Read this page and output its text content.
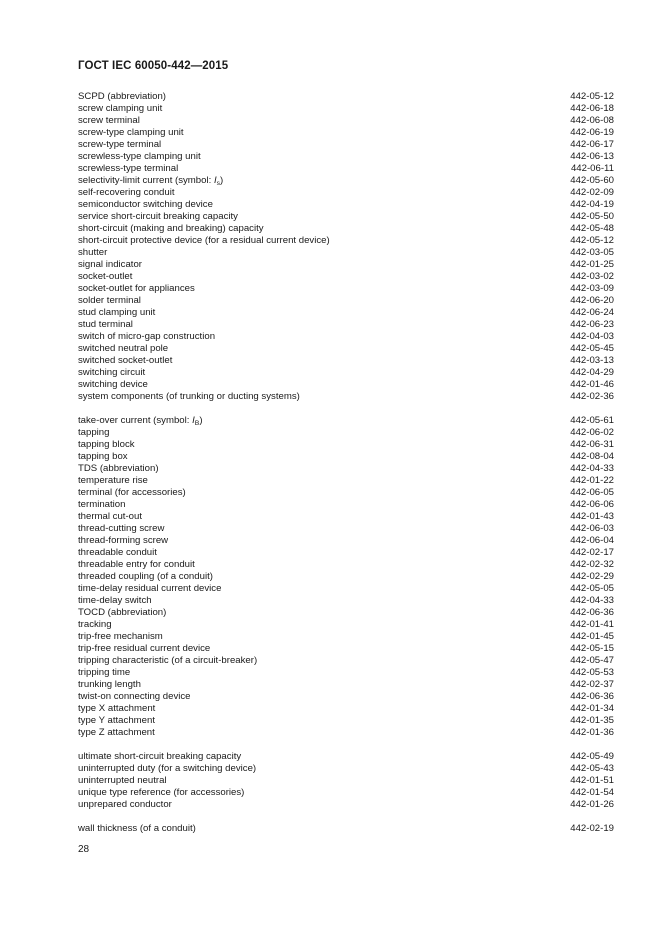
ГОСТ IEC 60050-442—2015
SCPD (abbreviation)	442-05-12
screw clamping unit	442-06-18
screw terminal	442-06-08
screw-type clamping unit	442-06-19
screw-type terminal	442-06-17
screwless-type clamping unit	442-06-13
screwless-type terminal	442-06-11
selectivity-limit current (symbol: $I_s$)	442-05-60
self-recovering conduit	442-02-09
semiconductor switching device	442-04-19
service short-circuit breaking capacity	442-05-50
short-circuit (making and breaking) capacity	442-05-48
short-circuit protective device (for a residual current device)	442-05-12
shutter	442-03-05
signal indicator	442-01-25
socket-outlet	442-03-02
socket-outlet for appliances	442-03-09
solder terminal	442-06-20
stud clamping unit	442-06-24
stud terminal	442-06-23
switch of micro-gap construction	442-04-03
switched neutral pole	442-05-45
switched socket-outlet	442-03-13
switching circuit	442-04-29
switching device	442-01-46
system components (of trunking or ducting systems)	442-02-36
take-over current (symbol: $I_B$)	442-05-61
tapping	442-06-02
tapping block	442-06-31
tapping box	442-08-04
TDS (abbreviation)	442-04-33
temperature rise	442-01-22
terminal (for accessories)	442-06-05
termination	442-06-06
thermal cut-out	442-01-43
thread-cutting screw	442-06-03
thread-forming screw	442-06-04
threadable conduit	442-02-17
threadable entry for conduit	442-02-32
threaded coupling (of a conduit)	442-02-29
time-delay residual current device	442-05-05
time-delay switch	442-04-33
TOCD (abbreviation)	442-06-36
tracking	442-01-41
trip-free mechanism	442-01-45
trip-free residual current device	442-05-15
tripping characteristic (of a circuit-breaker)	442-05-47
tripping time	442-05-53
trunking length	442-02-37
twist-on connecting device	442-06-36
type X attachment	442-01-34
type Y attachment	442-01-35
type Z attachment	442-01-36
ultimate short-circuit breaking capacity	442-05-49
uninterrupted duty (for a switching device)	442-05-43
uninterrupted neutral	442-01-51
unique type reference (for accessories)	442-01-54
unprepared conductor	442-01-26
wall thickness (of a conduit)	442-02-19
28
